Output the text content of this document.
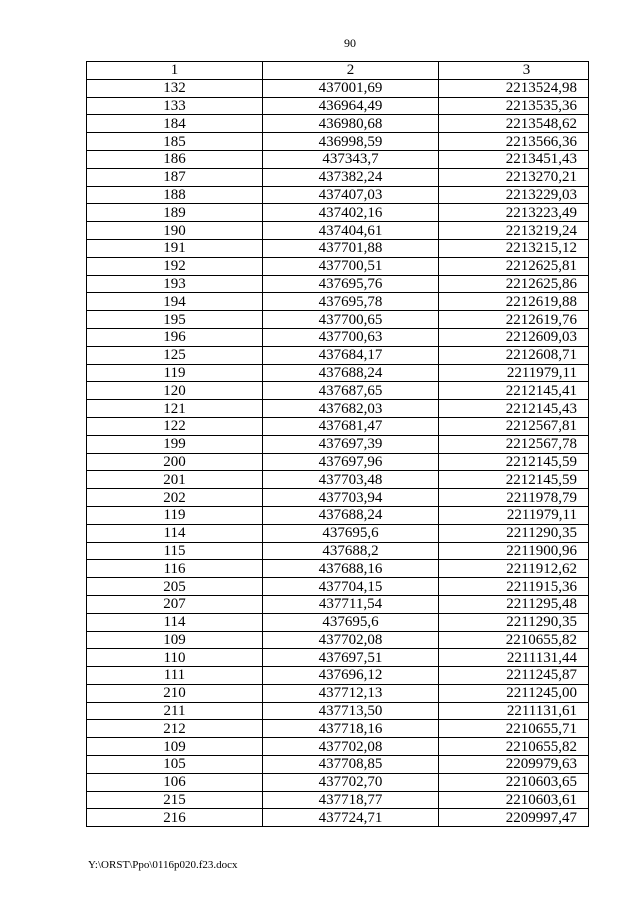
90
1	2	3
132	437001,69	2213524,98
133	436964,49	2213535,36
184	436980,68	2213548,62
185	436998,59	2213566,36
186	437343,7	2213451,43
187	437382,24	2213270,21
188	437407,03	2213229,03
189	437402,16	2213223,49
190	437404,61	2213219,24
191	437701,88	2213215,12
192	437700,51	2212625,81
193	437695,76	2212625,86
194	437695,78	2212619,88
195	437700,65	2212619,76
196	437700,63	2212609,03
125	437684,17	2212608,71
119	437688,24	2211979,11
120	437687,65	2212145,41
121	437682,03	2212145,43
122	437681,47	2212567,81
199	437697,39	2212567,78
200	437697,96	2212145,59
201	437703,48	2212145,59
202	437703,94	2211978,79
119	437688,24	2211979,11
114	437695,6	2211290,35
115	437688,2	2211900,96
116	437688,16	2211912,62
205	437704,15	2211915,36
207	437711,54	2211295,48
114	437695,6	2211290,35
109	437702,08	2210655,82
110	437697,51	2211131,44
111	437696,12	2211245,87
210	437712,13	2211245,00
211	437713,50	2211131,61
212	437718,16	2210655,71
109	437702,08	2210655,82
105	437708,85	2209979,63
106	437702,70	2210603,65
215	437718,77	2210603,61
216	437724,71	2209997,47
Y:\ORST\Ppo\0116p020.f23.docx
